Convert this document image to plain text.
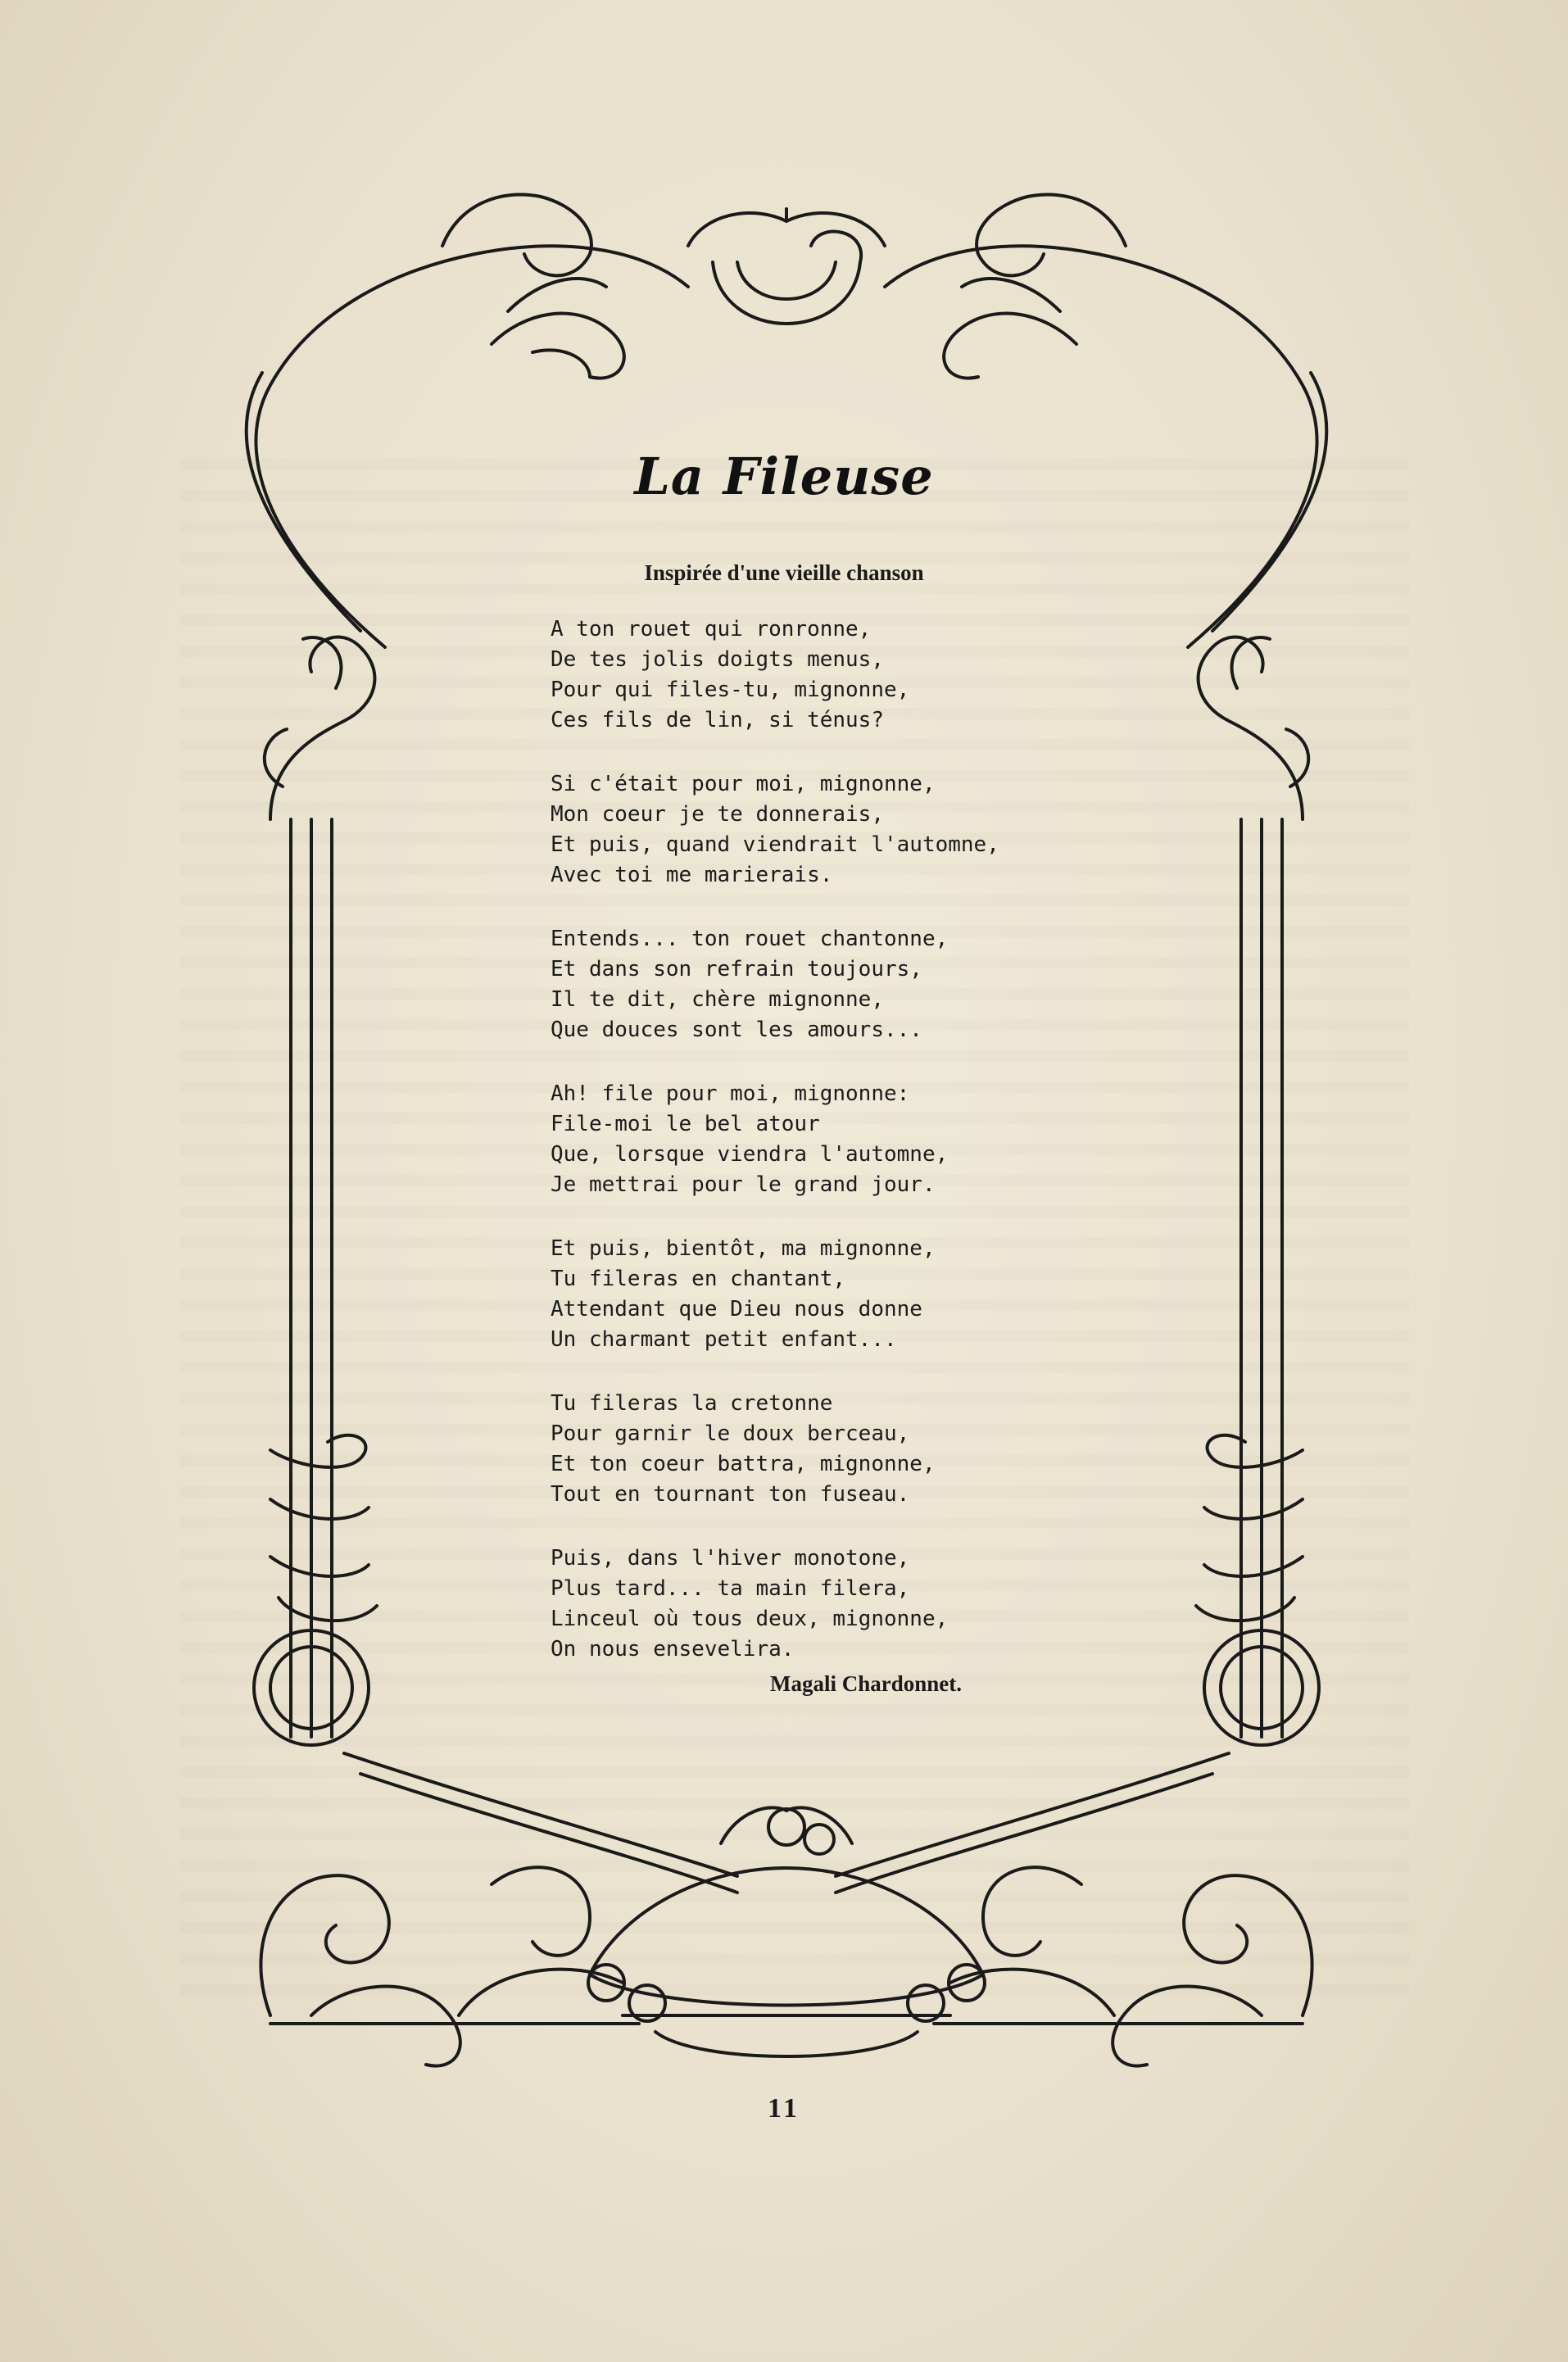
La Fileuse
Inspirée d'une vieille chanson
A ton rouet qui ronronne,
De tes jolis doigts menus,
Pour qui files-tu, mignonne,
Ces fils de lin, si ténus?
Si c'était pour moi, mignonne,
Mon coeur je te donnerais,
Et puis, quand viendrait l'automne,
Avec toi me marierais.
Entends... ton rouet chantonne,
Et dans son refrain toujours,
Il te dit, chère mignonne,
Que douces sont les amours...
Ah! file pour moi, mignonne:
File-moi le bel atour
Que, lorsque viendra l'automne,
Je mettrai pour le grand jour.
Et puis, bientôt, ma mignonne,
Tu fileras en chantant,
Attendant que Dieu nous donne
Un charmant petit enfant...
Tu fileras la cretonne
Pour garnir le doux berceau,
Et ton coeur battra, mignonne,
Tout en tournant ton fuseau.
Puis, dans l'hiver monotone,
Plus tard... ta main filera,
Linceul où tous deux, mignonne,
On nous ensevelira.
Magali Chardonnet.
11
